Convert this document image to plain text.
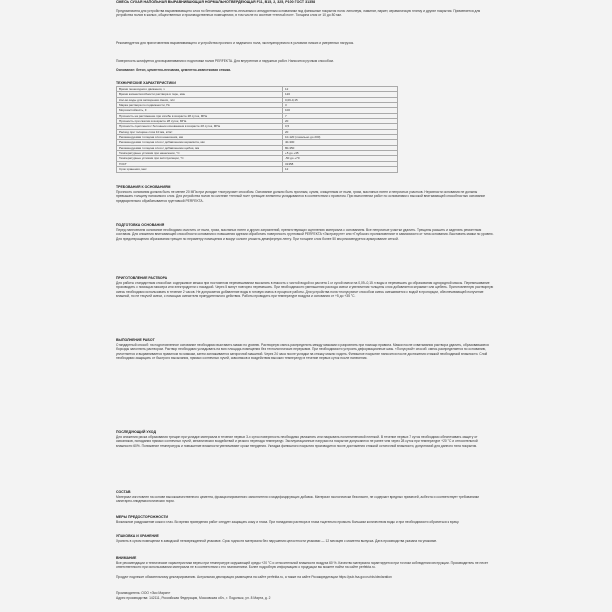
СМЕСЬ СУХАЯ НАПОЛЬНАЯ ВЫРАВНИВАЮЩАЯ НОРМАЛЬНОТВЕРДЕЮЩАЯ F11, В15, 2, 325, Р100 ГОСТ 31358
Предназначена для устройства выравнивающего слоя по бетонным, цементно-песчаным и ангидритным основаниям под финишные покрытия пола: линолеум, ламинат, паркет, керамическую плитку и другие покрытия. Применяется для устройства полов в жилых, общественных и производственных помещениях, в том числе по системе «теплый пол». Толщина слоя от 10 до 80 мм.
Рекомендуется для приготовления выравнивающего и устройства прочного и надежного пола, эксплуатируемого в условиях низких и умеренных нагрузок.
Поверхность шлифуется для выравнивания и подготовки полов PERFEKTA. Для внутренних и наружных работ. Наносится ручным способом.
Основание: бетон, цементно-песчаная, цементно-известковая стяжка.
ТЕХНИЧЕСКИЕ ХАРАКТЕРИСТИКИ
Время пешеходного движения, ч	12
Время жизнеспособности раствора в таре, мин	120
Кол-во воды для затворения смеси, л/кг	0,09-0,15
Марка раствора по подвижности, Пк	3
Морозостойкость, F	100
Прочность на растяжение при изгибе в возрасте 28 суток, МПа	7
Прочность при сжатии в возрасте 28 суток, МПа	20
Прочность сцепления с бетонным основанием в возрасте 28 суток, МПа	0,5
Расход при толщине слоя 10 мм, кг/м²	20
Рекомендуемая толщина слоя нанесения, мм	10-120 (локально до 200)
Рекомендуемая толщина слоя с добавлением керамзита, мм	40-300
Рекомендуемая толщина слоя с добавлением щебня, мм	80-350
Температурные условия при нанесении, °С	+5 до +35
Температурные условия при эксплуатации, °С	-50 до +70
ГОСТ	31358
Срок хранения, мес	12
ТРЕБОВАНИЯ К ОСНОВАНИЯМ
Прочность основания должна быть не менее 20 МПа при укладке «полусухим» способом. Основание должно быть прочным, сухим, очищенным от пыли, грязи, масляных пятен и непрочных участков. Неровности основания не должны превышать толщину наносимого слоя. Для устройства полов по системе «теплый пол» греющие элементы укладываются в соответствии с проектом. При выполнении работ по основаниям с высокой впитывающей способностью основание предварительно обрабатывается грунтовкой PERFEKTA.
ПОДГОТОВКА ОСНОВАНИЯ
Перед нанесением основание необходимо очистить от пыли, грязи, масляных пятен и других загрязнений, препятствующих сцеплению материала с основанием. Все непрочные участки удалить. Трещины расшить и заделать ремонтным составом. Для снижения впитывающей способности основания и повышения адгезии обработать поверхность грунтовкой PERFEKTA «Экстрагрунт» или «Глубокого проникновения» в зависимости от типа основания. Выставить маяки по уровню. Для предотвращения образования трещин по периметру помещения и вокруг колонн уложить демпферную ленту. При толщине слоя более 50 мм рекомендуется армирование сеткой.
ПРИГОТОВЛЕНИЕ РАСТВОРА
Для работы стандартным способом: содержимое мешка при постоянном перемешивании высыпать в емкость с чистой водой из расчета 1 кг сухой смеси на 0,09–0,15 л воды и перемешать до образования однородной массы. Перемешивание производить с помощью миксера или электродрели с насадкой. Через 5 минут повторно перемешать. При необходимости уменьшения расхода смеси и увеличения толщины слоя добавляется керамзит или щебень. Приготовленную растворную смесь необходимо использовать в течение 2 часов. Не допускается добавление воды в готовую смесь в процессе работы. Для устройства пола «полусухим» способом смесь смешивается с водой в пропорции, обеспечивающей получение влажной, но не текучей смеси, с помощью смесителя принудительного действия. Работы проводить при температуре воздуха и основания от +5 до +35 °С.
ВЫПОЛНЕНИЕ РАБОТ
Стандартный способ: на подготовленное основание необходимо выставить маяки по уровню. Растворную смесь распределить между маяками и разровнять при помощи правила. Маяки после схватывания раствора удалить, образовавшиеся борозды заполнить раствором. Раствор необходимо укладывать на всю площадь помещения без технологических перерывов. При необходимости устроить деформационные швы. «Полусухой» способ: смесь распределяется по основанию, уплотняется и выравнивается правилом по маякам, затем заглаживается затирочной машиной. Через 24 часа после укладки на стяжку можно ходить. Финишное покрытие наносится после достижения стяжкой необходимой влажности. Слой необходимо защищать от быстрого высыхания, прямых солнечных лучей, сквозняков и воздействия высоких температур в течение первых суток после нанесения.
ПОСЛЕДУЮЩИЙ УХОД
Для снижения риска образования трещин при укладке материала в течение первых 3-х суток поверхность необходимо увлажнять или накрывать полиэтиленовой пленкой. В течение первых 7 суток необходимо обеспечивать защиту от сквозняков, попадания прямых солнечных лучей, механических воздействий и резкого перепада температур. Эксплуатационные нагрузки на покрытие допускаются не ранее чем через 28 суток при температуре +20 °С и относительной влажности 60%. Понижение температуры и повышение влажности увеличивают сроки твердения. Укладка финишного покрытия производится после достижения стяжкой остаточной влажности, допустимой для данного типа покрытия.
СОСТАВ
Материал изготовлен на основе высококачественного цемента, фракционированного заполнителя и модифицирующих добавок. Материал экологически безопасен, не содержит вредных примесей, асбеста и соответствует требованиям санитарно-эпидемиологических норм.
МЕРЫ ПРЕДОСТОРОЖНОСТИ
Возможное раздражение кожи и глаз. Во время проведения работ следует защищать кожу и глаза. При попадании раствора в глаза тщательно промыть большим количеством воды и при необходимости обратиться к врачу.
УПАКОВКА И ХРАНЕНИЕ
Хранить в сухом помещении в заводской неповрежденной упаковке. Срок годности материала без нарушения целостности упаковки — 12 месяцев с момента выпуска. Дата производства указана на упаковке.
ВНИМАНИЕ
Все рекомендации и технические характеристики верны при температуре окружающей среды +20 °С и относительной влажности воздуха 60 %. Качество материала гарантируется при точном соблюдении инструкции. Производитель не несет ответственности при использовании материала не в соответствии с его назначением. Более подробную информацию о продукции вы можете найти на сайте perfekta.ru.
Продукт подлежит обязательному декларированию. Актуальная декларация размещена на сайте perfekta.ru, а также на сайте Росаккредитации https://pub.fsa.gov.ru/rds/declaration
Производитель: ООО «Эко Марин»
Адрес производства: 142111, Российская Федерация, Московская обл., г. Подольск, ул. 8 Марта, д. 2
